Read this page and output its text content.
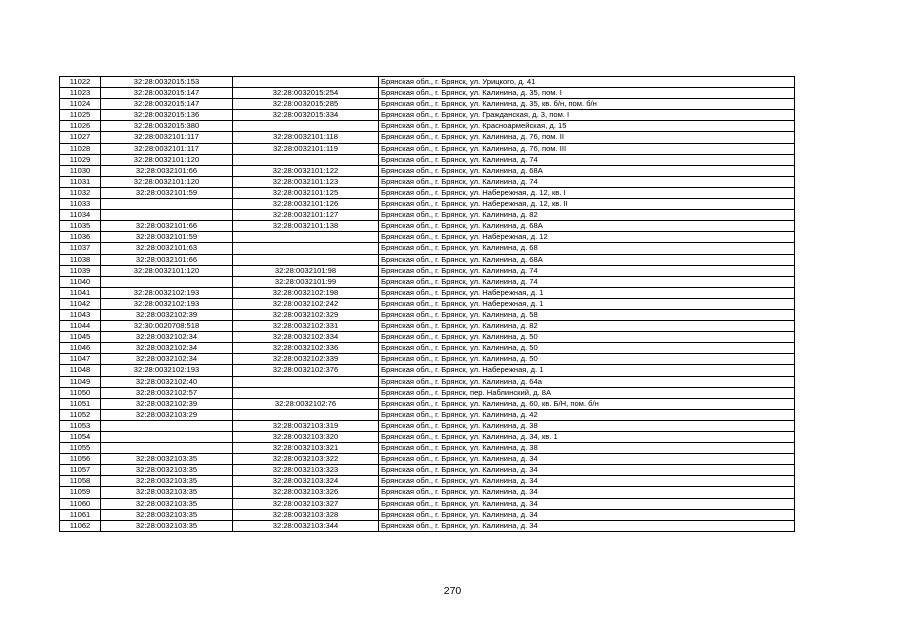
11022	32:28:0032015:153		Брянская обл., г. Брянск, ул. Урицкого, д. 41
11023	32:28:0032015:147	32:28:0032015:254	Брянская обл., г. Брянск, ул. Калинина, д. 35, пом. I
11024	32:28:0032015:147	32:28:0032015:285	Брянская обл., г. Брянск, ул. Калинина, д. 35, кв. б/н, пом. б/н
11025	32:28:0032015:136	32:28:0032015:334	Брянская обл., г. Брянск, ул. Гражданская, д. 3, пом. I
11026	32:28:0032015:380		Брянская обл., г. Брянск, ул. Красноармейская, д. 15
11027	32:28:0032101:117	32:28:0032101:118	Брянская обл., г. Брянск, ул. Калинина, д. 76, пом. II
11028	32:28:0032101:117	32:28:0032101:119	Брянская обл., г. Брянск, ул. Калинина, д. 76, пом. III
11029	32:28:0032101:120		Брянская обл., г. Брянск, ул. Калинина, д. 74
11030	32:28:0032101:66	32:28:0032101:122	Брянская обл., г. Брянск, ул. Калинина, д. 68А
11031	32:28:0032101:120	32:28:0032101:123	Брянская обл., г. Брянск, ул. Калинина, д. 74
11032	32:28:0032101:59	32:28:0032101:125	Брянская обл., г. Брянск, ул. Набережная, д. 12, кв. I
11033		32:28:0032101:126	Брянская обл., г. Брянск, ул. Набережная, д. 12, кв. II
11034		32:28:0032101:127	Брянская обл., г. Брянск, ул. Калинина, д. 82
11035	32:28:0032101:66	32:28:0032101:138	Брянская обл., г. Брянск, ул. Калинина, д. 68А
11036	32:28:0032101:59		Брянская обл., г. Брянск, ул. Набережная, д. 12
11037	32:28:0032101:63		Брянская обл., г. Брянск, ул. Калинина, д. 68
11038	32:28:0032101:66		Брянская обл., г. Брянск, ул. Калинина, д. 68А
11039	32:28:0032101:120	32:28:0032101:98	Брянская обл., г. Брянск, ул. Калинина, д. 74
11040		32:28:0032101:99	Брянская обл., г. Брянск, ул. Калинина, д. 74
11041	32:28:0032102:193	32:28:0032102:198	Брянская обл., г. Брянск, ул. Набережная, д. 1
11042	32:28:0032102:193	32:28:0032102:242	Брянская обл., г. Брянск, ул. Набережная, д. 1
11043	32:28:0032102:39	32:28:0032102:329	Брянская обл., г. Брянск, ул. Калинина, д. 58
11044	32:30:0020708:518	32:28:0032102:331	Брянская обл., г. Брянск, ул. Калинина, д. 82
11045	32:28:0032102:34	32:28:0032102:334	Брянская обл., г. Брянск, ул. Калинина, д. 50
11046	32:28:0032102:34	32:28:0032102:336	Брянская обл., г. Брянск, ул. Калинина, д. 50
11047	32:28:0032102:34	32:28:0032102:339	Брянская обл., г. Брянск, ул. Калинина, д. 50
11048	32:28:0032102:193	32:28:0032102:376	Брянская обл., г. Брянск, ул. Набережная, д. 1
11049	32:28:0032102:40		Брянская обл., г. Брянск, ул. Калинина, д. 64а
11050	32:28:0032102:57		Брянская обл., г. Брянск, пер. Наблинский, д. 8А
11051	32:28:0032102:39	32:28:0032102:76	Брянская обл., г. Брянск, ул. Калинина, д. 60, кв. Б/Н, пом. б/н
11052	32:28:0032103:29		Брянская обл., г. Брянск, ул. Калинина, д. 42
11053		32:28:0032103:319	Брянская обл., г. Брянск, ул. Калинина, д. 38
11054		32:28:0032103:320	Брянская обл., г. Брянск, ул. Калинина, д. 34, кв. 1
11055		32:28:0032103:321	Брянская обл., г. Брянск, ул. Калинина, д. 38
11056	32:28:0032103:35	32:28:0032103:322	Брянская обл., г. Брянск, ул. Калинина, д. 34
11057	32:28:0032103:35	32:28:0032103:323	Брянская обл., г. Брянск, ул. Калинина, д. 34
11058	32:28:0032103:35	32:28:0032103:324	Брянская обл., г. Брянск, ул. Калинина, д. 34
11059	32:28:0032103:35	32:28:0032103:326	Брянская обл., г. Брянск, ул. Калинина, д. 34
11060	32:28:0032103:35	32:28:0032103:327	Брянская обл., г. Брянск, ул. Калинина, д. 34
11061	32:28:0032103:35	32:28:0032103:328	Брянская обл., г. Брянск, ул. Калинина, д. 34
11062	32:28:0032103:35	32:28:0032103:344	Брянская обл., г. Брянск, ул. Калинина, д. 34
270
